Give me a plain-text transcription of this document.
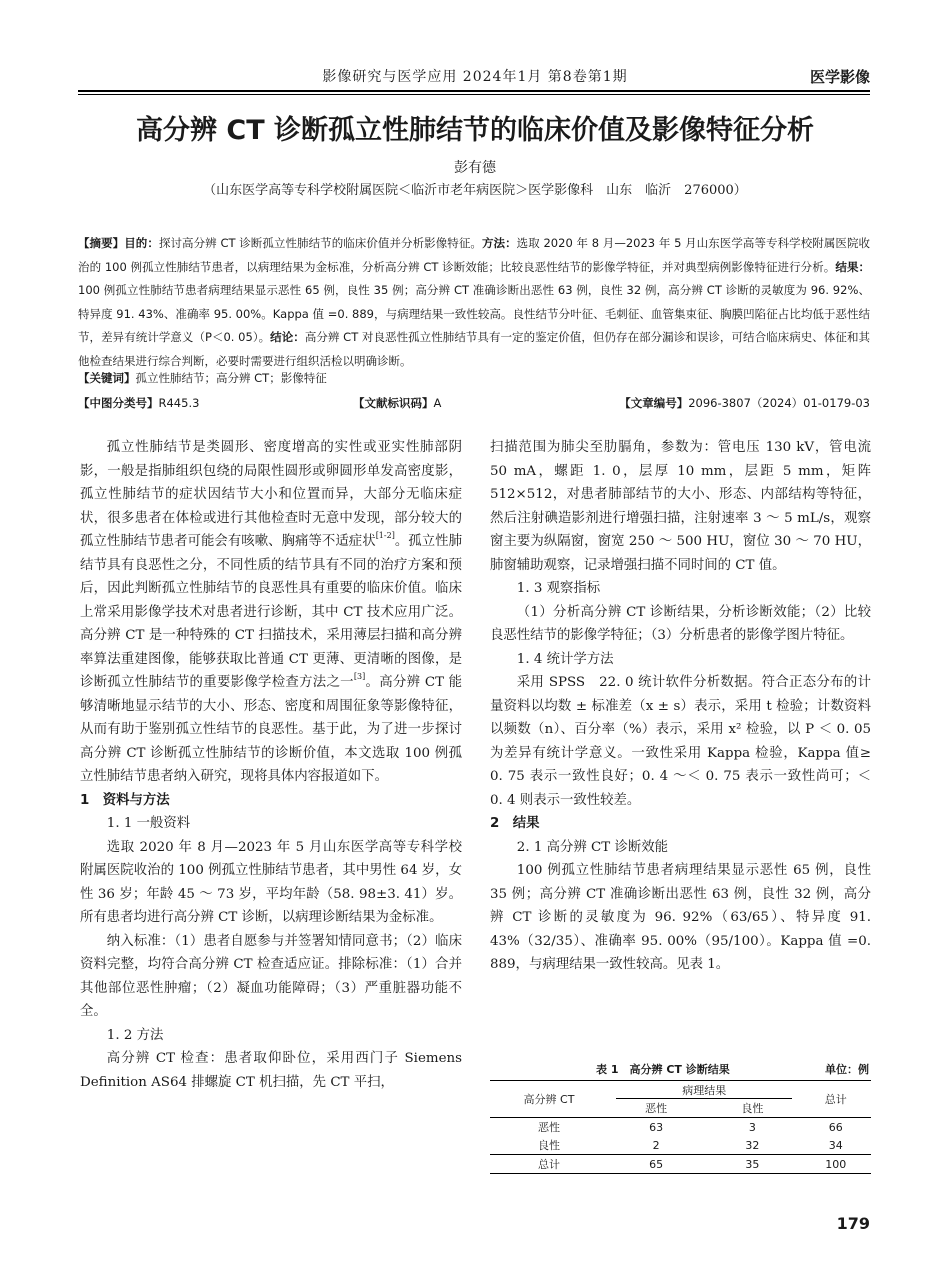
影像研究与医学应用 2024年1月 第8卷第1期	医学影像
高分辨 CT 诊断孤立性肺结节的临床价值及影像特征分析
彭有德
（山东医学高等专科学校附属医院＜临沂市老年病医院＞医学影像科　山东　临沂　276000）
【摘要】目的：探讨高分辨 CT 诊断孤立性肺结节的临床价值并分析影像特征。方法：选取 2020 年 8 月—2023 年 5 月山东医学高等专科学校附属医院收治的 100 例孤立性肺结节患者，以病理结果为金标准，分析高分辨 CT 诊断效能；比较良恶性结节的影像学特征，并对典型病例影像特征进行分析。结果：100 例孤立性肺结节患者病理结果显示恶性 65 例，良性 35 例；高分辨 CT 准确诊断出恶性 63 例，良性 32 例，高分辨 CT 诊断的灵敏度为 96. 92%、特异度 91. 43%、准确率 95. 00%。Kappa 值 =0. 889，与病理结果一致性较高。良性结节分叶征、毛刺征、血管集束征、胸膜凹陷征占比均低于恶性结节，差异有统计学意义（P＜0. 05）。结论：高分辨 CT 对良恶性孤立性肺结节具有一定的鉴定价值，但仍存在部分漏诊和误诊，可结合临床病史、体征和其他检查结果进行综合判断，必要时需要进行组织活检以明确诊断。
【关键词】孤立性肺结节；高分辨 CT；影像特征
【中图分类号】R445.3	【文献标识码】A	【文章编号】2096-3807（2024）01-0179-03

孤立性肺结节是类圆形、密度增高的实性或亚实性肺部阴影，一般是指肺组织包绕的局限性圆形或卵圆形单发高密度影，孤立性肺结节的症状因结节大小和位置而异，大部分无临床症状，很多患者在体检或进行其他检查时无意中发现，部分较大的孤立性肺结节患者可能会有咳嗽、胸痛等不适症状[1-2]。孤立性肺结节具有良恶性之分，不同性质的结节具有不同的治疗方案和预后，因此判断孤立性肺结节的良恶性具有重要的临床价值。临床上常采用影像学技术对患者进行诊断，其中 CT 技术应用广泛。高分辨 CT 是一种特殊的 CT 扫描技术，采用薄层扫描和高分辨率算法重建图像，能够获取比普通 CT 更薄、更清晰的图像，是诊断孤立性肺结节的重要影像学检查方法之一[3]。高分辨 CT 能够清晰地显示结节的大小、形态、密度和周围征象等影像特征，从而有助于鉴别孤立性结节的良恶性。基于此，为了进一步探讨高分辨 CT 诊断孤立性肺结节的诊断价值，本文选取 100 例孤立性肺结节患者纳入研究，现将具体内容报道如下。

1　资料与方法

1. 1 一般资料

选取 2020 年 8 月—2023 年 5 月山东医学高等专科学校附属医院收治的 100 例孤立性肺结节患者，其中男性 64 岁，女性 36 岁；年龄 45 ～ 73 岁，平均年龄（58. 98±3. 41）岁。所有患者均进行高分辨 CT 诊断，以病理诊断结果为金标准。

纳入标准：（1）患者自愿参与并签署知情同意书；（2）临床资料完整，均符合高分辨 CT 检查适应证。排除标准：（1）合并其他部位恶性肿瘤；（2）凝血功能障碍；（3）严重脏器功能不全。

1. 2 方法

高分辨 CT 检查：患者取仰卧位，采用西门子 Siemens Definition AS64 排螺旋 CT 机扫描，先 CT 平扫，

扫描范围为肺尖至肋膈角，参数为：管电压 130 kV，管电流 50 mA，螺距 1. 0，层厚 10 mm，层距 5 mm，矩阵 512×512，对患者肺部结节的大小、形态、内部结构等特征，然后注射碘造影剂进行增强扫描，注射速率 3 ～ 5 mL/s，观察窗主要为纵隔窗，窗宽 250 ～ 500 HU，窗位 30 ～ 70 HU，肺窗辅助观察，记录增强扫描不同时间的 CT 值。

1. 3 观察指标

（1）分析高分辨 CT 诊断结果，分析诊断效能；（2）比较良恶性结节的影像学特征；（3）分析患者的影像学图片特征。

1. 4 统计学方法

采用 SPSS　22. 0 统计软件分析数据。符合正态分布的计量资料以均数 ± 标准差（x ± s）表示，采用 t 检验；计数资料以频数（n）、百分率（%）表示，采用 x² 检验，以 P ＜ 0. 05 为差异有统计学意义。一致性采用 Kappa 检验，Kappa 值≥ 0. 75 表示一致性良好；0. 4 ～＜ 0. 75 表示一致性尚可；＜ 0. 4 则表示一致性较差。

2　结果

2. 1 高分辨 CT 诊断效能

100 例孤立性肺结节患者病理结果显示恶性 65 例，良性 35 例；高分辨 CT 准确诊断出恶性 63 例，良性 32 例，高分辨 CT 诊断的灵敏度为 96. 92%（63/65）、特异度 91. 43%（32/35）、准确率 95. 00%（95/100）。Kappa 值 =0. 889，与病理结果一致性较高。见表 1。

表 1　高分辨 CT 诊断结果	单位：例
高分辨 CT	病理结果		总计
	恶性	良性	
恶性	63	3	66
良性	2	32	34
总计	65	35	100
179
